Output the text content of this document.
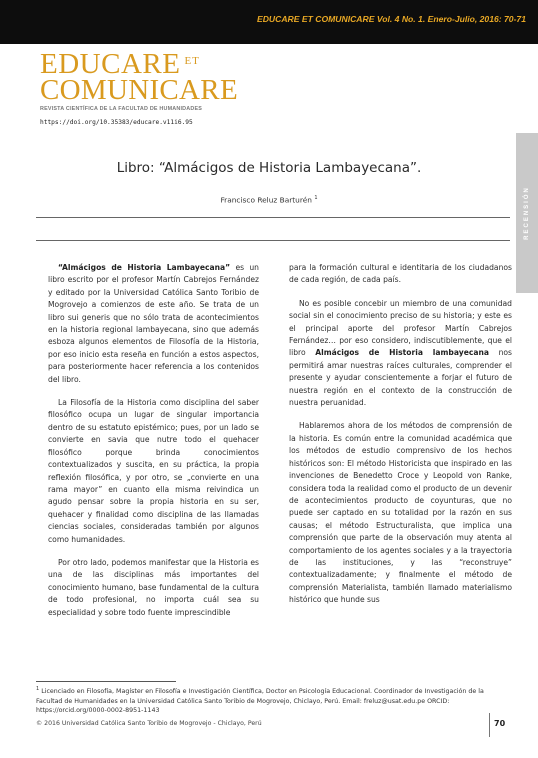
EDUCARE ET COMUNICARE Vol. 4 No. 1. Enero-Julio, 2016: 70-71
EDUCARE $^{ET}$
COMUNICARE
REVISTA CIENTÍFICA DE LA FACULTAD DE HUMANIDADES
https://doi.org/10.35383/educare.v11i6.95
RECENSIÓN
Libro: “Almácigos de Historia Lambayecana”.
Francisco Reluz Barturén $^1$

“Almácigos de Historia Lambayecana” es un libro escrito por el profesor Martín Cabrejos Fernández y editado por la Universidad Católica Santo Toribio de Mogrovejo a comienzos de este año. Se trata de un libro sui generis que no sólo trata de acontecimientos en la historia regional lambayecana, sino que además esboza algunos elementos de Filosofía de la Historia, por eso inicio esta reseña en función a estos aspectos, para posteriormente hacer referencia a los contenidos del libro.

La Filosofía de la Historia como disciplina del saber filosófico ocupa un lugar de singular importancia dentro de su estatuto epistémico; pues, por un lado se convierte en savia que nutre todo el quehacer filosófico porque brinda conocimientos contextualizados y suscita, en su práctica, la propia reflexión filosófica, y por otro, se „convierte en una rama mayor” en cuanto ella misma reivindica un agudo pensar sobre la propia historia en su ser, quehacer y finalidad como disciplina de las llamadas ciencias sociales, consideradas también por algunos como humanidades.

Por otro lado, podemos manifestar que la Historia es una de las disciplinas más importantes del conocimiento humano, base fundamental de la cultura de todo profesional, no importa cuál sea su especialidad y sobre todo fuente imprescindible

para la formación cultural e identitaria de los ciudadanos de cada región, de cada país.

No es posible concebir un miembro de una comunidad social sin el conocimiento preciso de su historia; y este es el principal aporte del profesor Martín Cabrejos Fernández… por eso considero, indiscutiblemente, que el libro Almácigos de Historia lambayecana nos permitirá amar nuestras raíces culturales, comprender el presente y ayudar conscientemente a forjar el futuro de nuestra región en el contexto de la construcción de nuestra peruanidad.

Hablaremos ahora de los métodos de comprensión de la historia. Es común entre la comunidad académica que los métodos de estudio comprensivo de los hechos históricos son: El método Historicista que inspirado en las invenciones de Benedetto Croce y Leopold von Ranke, considera toda la realidad como el producto de un devenir de acontecimientos producto de coyunturas, que no puede ser captado en su totalidad por la razón en sus causas; el método Estructuralista, que implica una comprensión que parte de la observación muy atenta al comportamiento de los agentes sociales y a la trayectoria de las instituciones, y las “reconstruye” contextualizadamente; y finalmente el método de comprensión Materialista, también llamado materialismo histórico que hunde sus

$^1$ Licenciado en Filosofía, Magíster en Filosofía e Investigación Científica, Doctor en Psicología Educacional. Coordinador de Investigación de la Facultad de Humanidades en la Universidad Católica Santo Toribio de Mogrovejo, Chiclayo, Perú. Email: freluz@usat.edu.pe ORCID: https://orcid.org/0000-0002-8951-1143
© 2016 Universidad Católica Santo Toribio de Mogrovejo - Chiclayo, Perú	70
